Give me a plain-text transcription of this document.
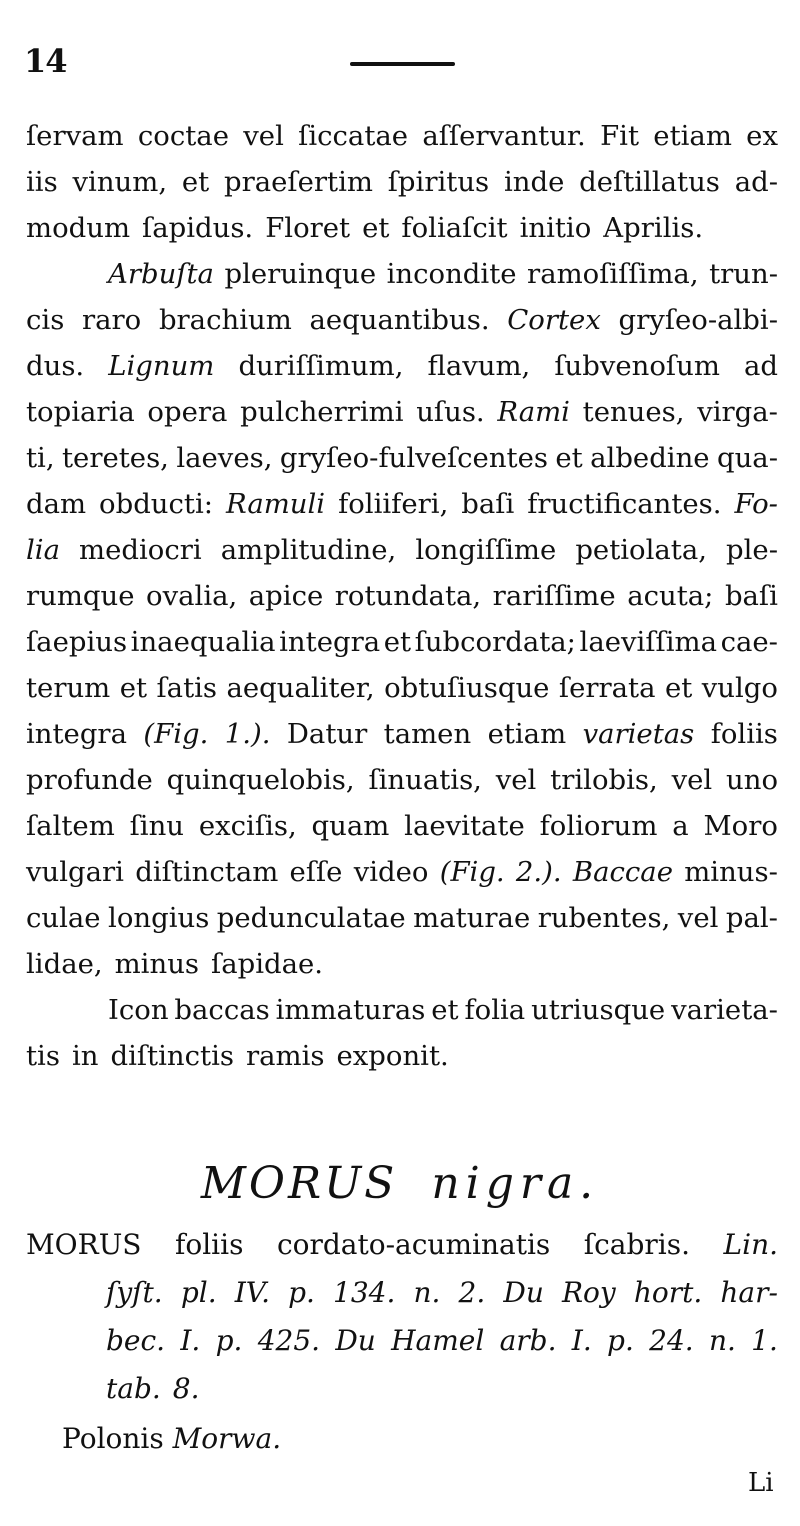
14
ſervam coctae vel ſiccatae aſſervantur. Fit etiam ex
iis vinum, et praeſertim ſpiritus inde deſtillatus ad-
modum ſapidus. Floret et foliaſcit initio Aprilis.
Arbuſta pleruinque incondite ramoſiſſima, trun-
cis raro brachium aequantibus. Cortex gryſeo-albi-
dus. Lignum duriſſimum, flavum, ſubvenoſum ad
topiaria opera pulcherrimi uſus. Rami tenues, virga-
ti, teretes, laeves, gryſeo-fulveſcentes et albedine qua-
dam obducti: Ramuli foliiferi, baſi fructificantes. Fo-
lia mediocri amplitudine, longiſſime petiolata, ple-
rumque ovalia, apice rotundata, rariſſime acuta; baſi
ſaepius inaequalia integra et ſubcordata; laeviſſima cae-
terum et ſatis aequaliter, obtuſiusque ſerrata et vulgo
integra (Fig. 1.). Datur tamen etiam varietas foliis
profunde quinquelobis, ſinuatis, vel trilobis, vel uno
ſaltem ſinu exciſis, quam laevitate foliorum a Moro
vulgari diſtinctam eſſe video (Fig. 2.). Baccae minus-
culae longius pedunculatae maturae rubentes, vel pal-
lidae, minus ſapidae.
Icon baccas immaturas et folia utriusque varieta-
tis in diſtinctis ramis exponit.
MORUS nigra.
MORUS foliis cordato-acuminatis ſcabris. Lin.
ſyſt. pl. IV. p. 134. n. 2. Du Roy hort. har-
bec. I. p. 425. Du Hamel arb. I. p. 24. n. 1.
tab. 8.
Polonis Morwa.
Li
